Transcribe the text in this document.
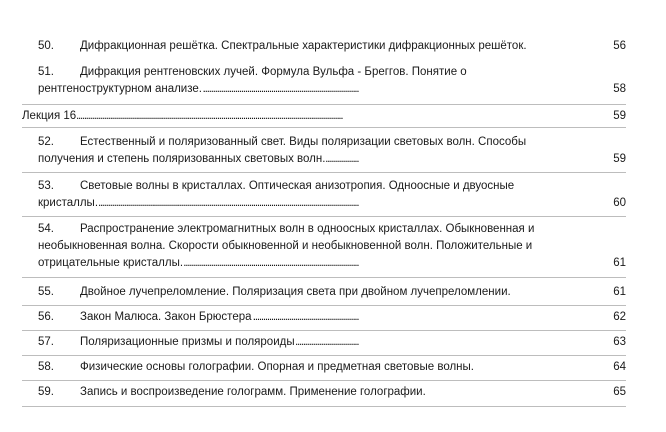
. . .
50. Дифракционная решётка. Спектральные характеристики дифракционных решёток.	56
51. Дифракция рентгеновских лучей. Формула Вульфа - Бреггов. Понятие о
. . .
рентгеноструктурном анализе.	58
. . .
Лекция 16	59
52. Естественный и поляризованный свет. Виды поляризации световых волн. Способы
. . .
получения и степень поляризованных световых волн.	59
53. Световые волны в кристаллах. Оптическая анизотропия. Одноосные и двуосные
. . .
кристаллы.	60
54. Распространение электромагнитных волн в одноосных кристаллах. Обыкновенная и
необыкновенная волна. Скорости обыкновенной и необыкновенной волн. Положительные и
. . .
отрицательные кристаллы.	61
. . .
55. Двойное лучепреломление. Поляризация света при двойном лучепреломлении.	61
. . .
56. Закон Малюса. Закон Брюстера	62
. . .
57. Поляризационные призмы и поляроиды	63
. . .
58. Физические основы голографии. Опорная и предметная световые волны.	64
. . .
59. Запись и воспроизведение голограмм. Применение голографии.	65
